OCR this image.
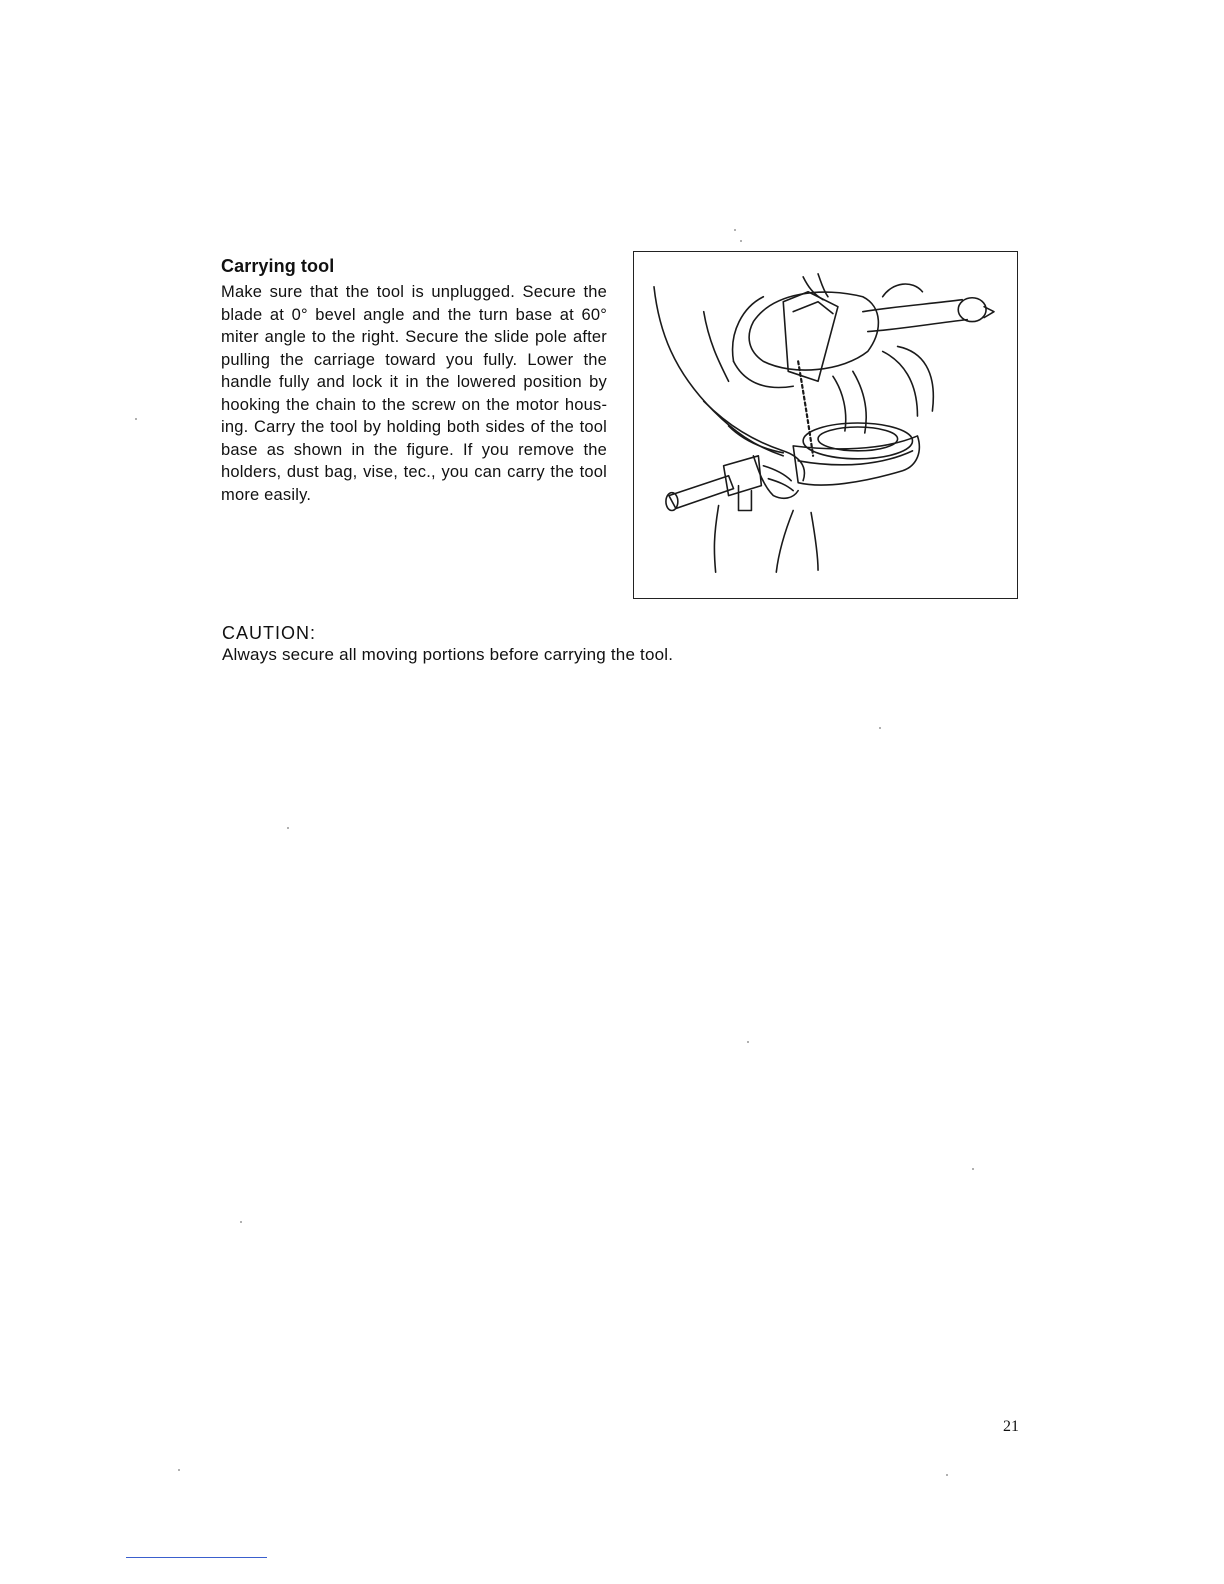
Carrying tool

Make sure that the tool is unplugged. Secure the blade at 0° bevel angle and the turn base at 60° miter angle to the right. Secure the slide pole after pulling the carriage toward you fully. Lower the handle fully and lock it in the lowered position by hooking the chain to the screw on the motor housing. Carry the tool by holding both sides of the tool base as shown in the figure. If you remove the holders, dust bag, vise, tec., you can carry the tool more easily.

CAUTION:

Always secure all moving portions before carrying the tool.

21
